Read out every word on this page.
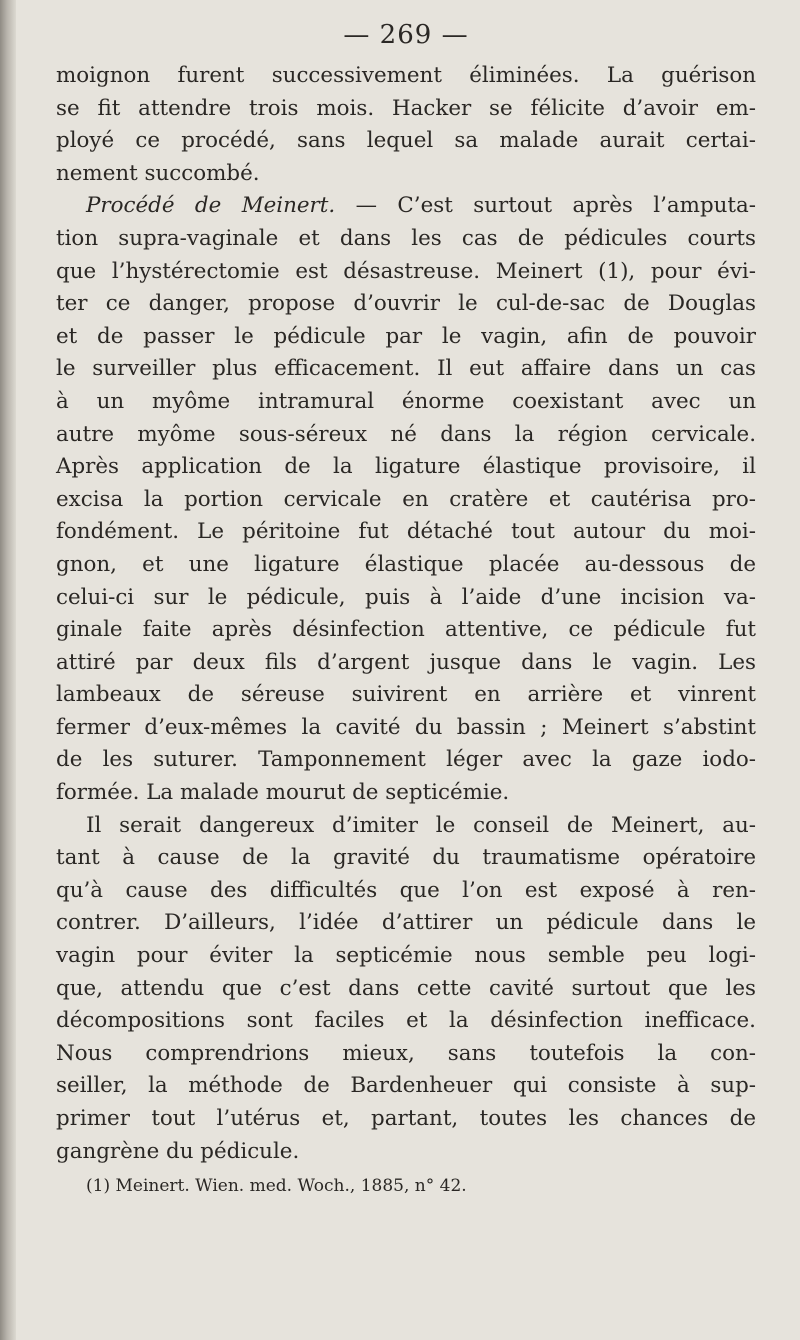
— 269 —

moignon furent successivement éliminées. La guérison
se fit attendre trois mois. Hacker se félicite d’avoir em-
ployé ce procédé, sans lequel sa malade aurait certai-
nement succombé.

Procédé de Meinert. — C’est surtout après l’amputa-
tion supra-vaginale et dans les cas de pédicules courts
que l’hystérectomie est désastreuse. Meinert (1), pour évi-
ter ce danger, propose d’ouvrir le cul-de-sac de Douglas
et de passer le pédicule par le vagin, afin de pouvoir
le surveiller plus efficacement. Il eut affaire dans un cas
à un myôme intramural énorme coexistant avec un
autre myôme sous-séreux né dans la région cervicale.
Après application de la ligature élastique provisoire, il
excisa la portion cervicale en cratère et cautérisa pro-
fondément. Le péritoine fut détaché tout autour du moi-
gnon, et une ligature élastique placée au-dessous de
celui-ci sur le pédicule, puis à l’aide d’une incision va-
ginale faite après désinfection attentive, ce pédicule fut
attiré par deux fils d’argent jusque dans le vagin. Les
lambeaux de séreuse suivirent en arrière et vinrent
fermer d’eux-mêmes la cavité du bassin ; Meinert s’abstint
de les suturer. Tamponnement léger avec la gaze iodo-
formée. La malade mourut de septicémie.

Il serait dangereux d’imiter le conseil de Meinert, au-
tant à cause de la gravité du traumatisme opératoire
qu’à cause des difficultés que l’on est exposé à ren-
contrer. D’ailleurs, l’idée d’attirer un pédicule dans le
vagin pour éviter la septicémie nous semble peu logi-
que, attendu que c’est dans cette cavité surtout que les
décompositions sont faciles et la désinfection inefficace.
Nous comprendrions mieux, sans toutefois la con-
seiller, la méthode de Bardenheuer qui consiste à sup-
primer tout l’utérus et, partant, toutes les chances de
gangrène du pédicule.

(1) Meinert. Wien. med. Woch., 1885, n° 42.
